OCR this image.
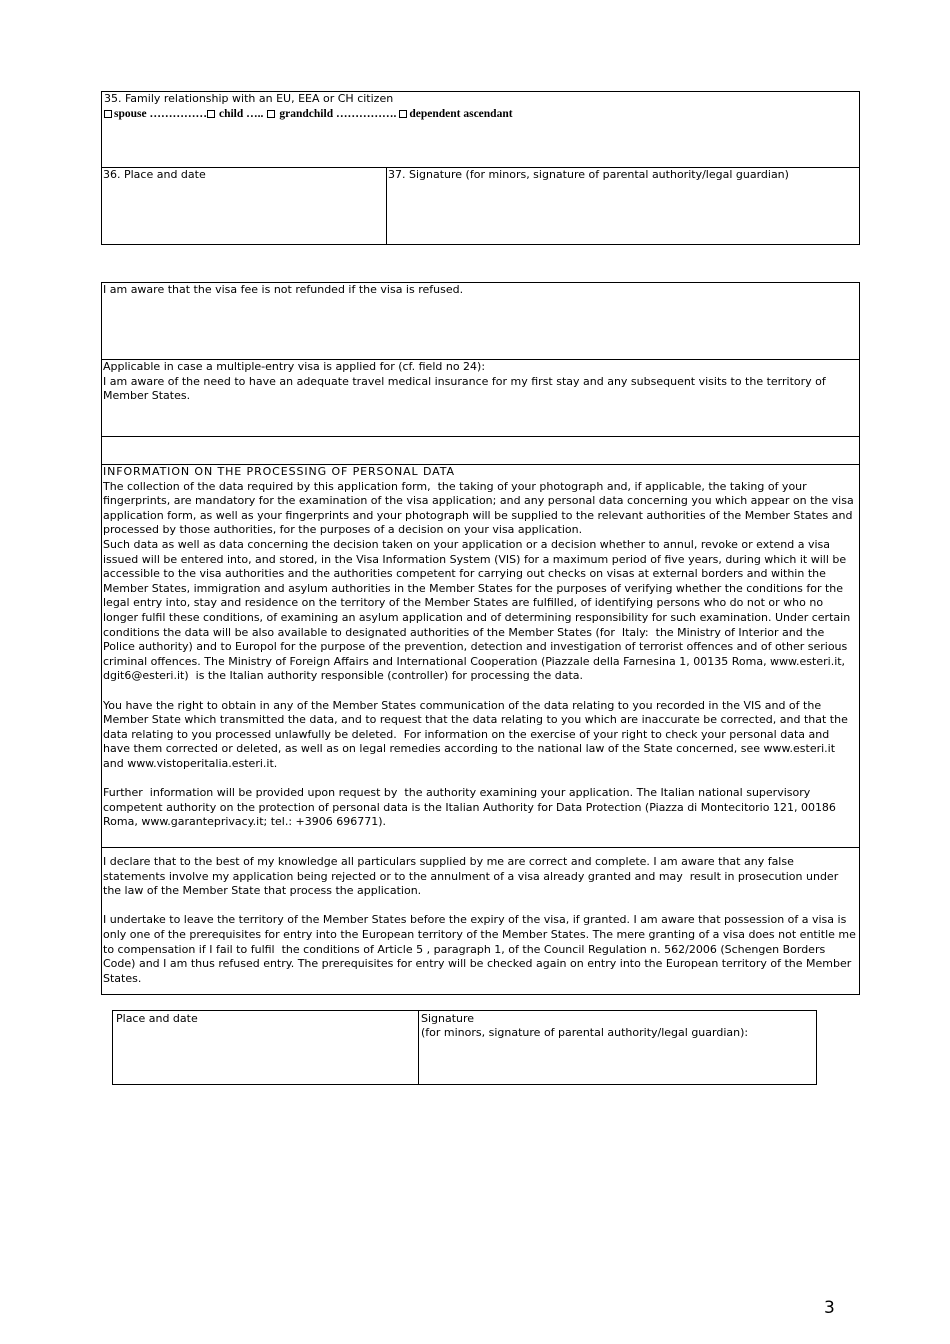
35. Family relationship with an EU, EEA or CH citizen
spouse …………… child ….. grandchild ……………. dependent ascendant
36. Place and date	37. Signature (for minors, signature of parental authority/legal guardian)
I am aware that the visa fee is not refunded if the visa is refused.
Applicable in case a multiple-entry visa is applied for (cf. field no 24):
I am aware of the need to have an adequate travel medical insurance for my first stay and any subsequent visits to the territory of Member States.
INFORMATION ON THE PROCESSING OF PERSONAL DATA
The collection of the data required by this application form,  the taking of your photograph and, if applicable, the taking of your fingerprints, are mandatory for the examination of the visa application; and any personal data concerning you which appear on the visa application form, as well as your fingerprints and your photograph will be supplied to the relevant authorities of the Member States and processed by those authorities, for the purposes of a decision on your visa application.
Such data as well as data concerning the decision taken on your application or a decision whether to annul, revoke or extend a visa issued will be entered into, and stored, in the Visa Information System (VIS) for a maximum period of five years, during which it will be accessible to the visa authorities and the authorities competent for carrying out checks on visas at external borders and within the Member States, immigration and asylum authorities in the Member States for the purposes of verifying whether the conditions for the legal entry into, stay and residence on the territory of the Member States are fulfilled, of identifying persons who do not or who no longer fulfil these conditions, of examining an asylum application and of determining responsibility for such examination. Under certain conditions the data will be also available to designated authorities of the Member States (for  Italy:  the Ministry of Interior and the Police authority) and to Europol for the purpose of the prevention, detection and investigation of terrorist offences and of other serious criminal offences. The Ministry of Foreign Affairs and International Cooperation (Piazzale della Farnesina 1, 00135 Roma, www.esteri.it, dgit6@esteri.it)  is the Italian authority responsible (controller) for processing the data.
You have the right to obtain in any of the Member States communication of the data relating to you recorded in the VIS and of the Member State which transmitted the data, and to request that the data relating to you which are inaccurate be corrected, and that the data relating to you processed unlawfully be deleted.  For information on the exercise of your right to check your personal data and have them corrected or deleted, as well as on legal remedies according to the national law of the State concerned, see www.esteri.it and www.vistoperitalia.esteri.it.
Further  information will be provided upon request by  the authority examining your application. The Italian national supervisory competent authority on the protection of personal data is the Italian Authority for Data Protection (Piazza di Montecitorio 121, 00186 Roma, www.garanteprivacy.it; tel.: +3906 696771).
I declare that to the best of my knowledge all particulars supplied by me are correct and complete. I am aware that any false statements involve my application being rejected or to the annulment of a visa already granted and may  result in prosecution under the law of the Member State that process the application.
I undertake to leave the territory of the Member States before the expiry of the visa, if granted. I am aware that possession of a visa is only one of the prerequisites for entry into the European territory of the Member States. The mere granting of a visa does not entitle me to compensation if I fail to fulfil  the conditions of Article 5 , paragraph 1, of the Council Regulation n. 562/2006 (Schengen Borders Code) and I am thus refused entry. The prerequisites for entry will be checked again on entry into the European territory of the Member States.
Place and date	Signature
(for minors, signature of parental authority/legal guardian):
3
